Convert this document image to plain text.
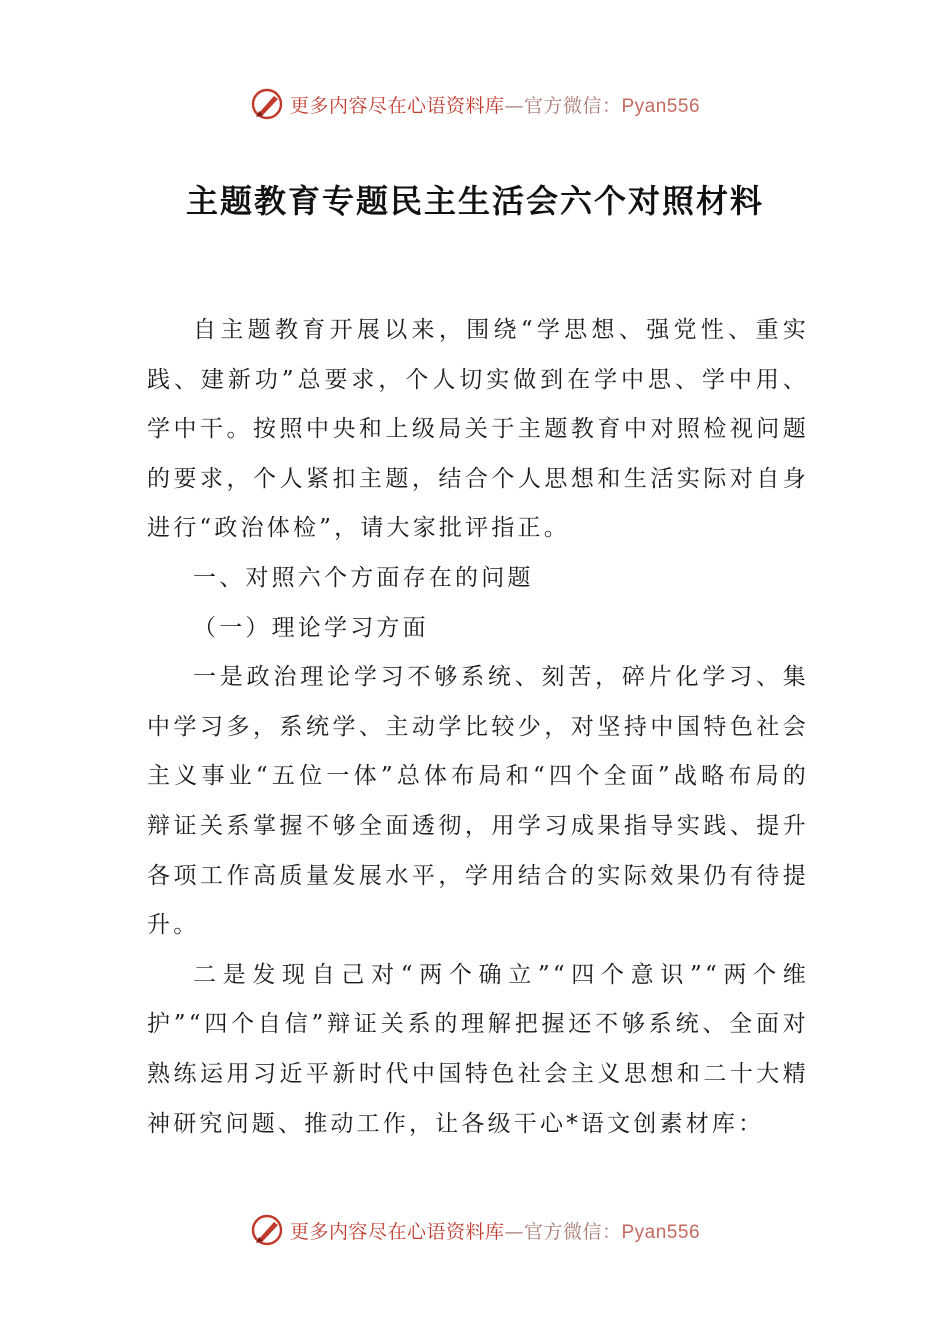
更多内容尽在心语资料库—官方微信：Pyan556
主题教育专题民主生活会六个对照材料

自主题教育开展以来，围绕“学思想、强党性、重实践、建新功”总要求，个人切实做到在学中思、学中用、学中干。按照中央和上级局关于主题教育中对照检视问题的要求，个人紧扣主题，结合个人思想和生活实际对自身进行“政治体检”，请大家批评指正。

一、对照六个方面存在的问题

（一）理论学习方面

一是政治理论学习不够系统、刻苦，碎片化学习、集中学习多，系统学、主动学比较少，对坚持中国特色社会主义事业“五位一体”总体布局和“四个全面”战略布局的辩证关系掌握不够全面透彻，用学习成果指导实践、提升各项工作高质量发展水平，学用结合的实际效果仍有待提升。

二是发现自己对“两个确立”“四个意识”“两个维护”“四个自信”辩证关系的理解把握还不够系统、全面对熟练运用习近平新时代中国特色社会主义思想和二十大精神研究问题、推动工作，让各级干心*语文创素材库：

更多内容尽在心语资料库—官方微信：Pyan556
